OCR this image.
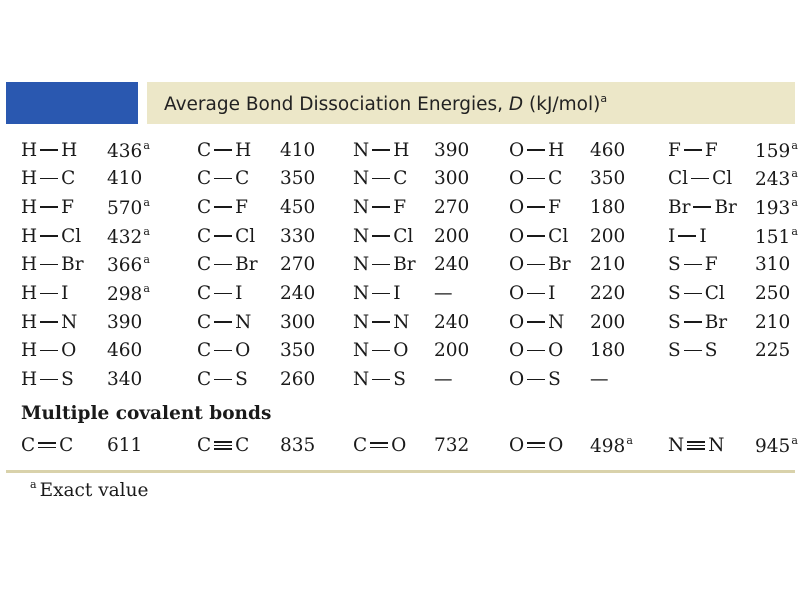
Average Bond Dissociation Energies, D $(kJ/mol)^a$
H H 436$^a$
H C 410
H F 570$^a$
H Cl 432$^a$
H Br 366$^a$
H I 298$^a$
H N 390
H O 460
H S 340
C H 410
C C 350
C F 450
C Cl 330
C Br 270
C I 240
C N 300
C O 350
C S 260
N H 390
N C 300
N F 270
N Cl 200
N Br 240
N I —
N N 240
N O 200
N S —
O H 460
O C 350
O F 180
O Cl 200
O Br 210
O I 220
O N 200
O O 180
O S —
F F 159$^a$
Cl Cl 243$^a$
Br Br 193$^a$
I I	151$^a$
S F 310
S Cl 250
S Br 210
S S 225
Multiple covalent bonds
C C 611	C C 835 C O 732 O O 498$^a$ N N 945$^a$
$^a$ Exact value
